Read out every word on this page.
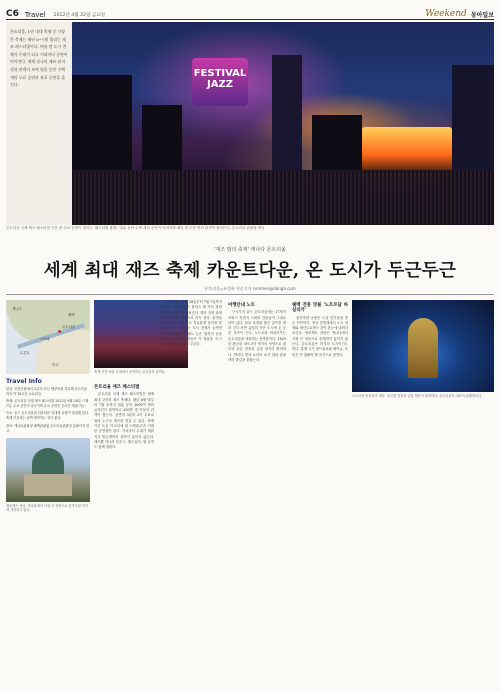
C6 Travel 2012년 4월 22일 금요일	Weekend 동아일보

몬트리올, 1년 내내 축제 중 가장 큰 축제는 매년 6~7월 열리는 재즈 페스티벌이다. 여름 밤 도시 전체가 무대가 되고 거리마다 공연이 이어진다. 세계 각국의 재즈 뮤지션과 관객이 모여 열흘 동안 수백 개의 무료 공연과 유료 공연을 즐긴다.

FESTIVAL JAZZ
몬트리올 국제 재즈 페스티벌 기간 중 무료 공연이 열리는 '페스티벌 광장'. 열흘 동안 수백 개의 공연이 이어지며 매일 밤 수만 명의 관객이 몰려든다. 몬트리올 관광청 제공
'재즈 밤의 축제' 캐나다 몬트리올
세계 최대 재즈 축제 카운트다운, 온 도시가 두근두근
몬트리올=조성하 전문기자 summer@donga.com
캐나다
몬트리올
퀘벡
오타와
토론토
미국
Travel Info

항공: 인천공항에서 토론토 또는 밴쿠버를 경유해 몬트리올까지 약 16시간 소요된다.

축제: 몬트리올 국제 재즈 페스티벌 2012년 6월 28일∼7월 7일. 무료 공연이 다수이며 유료 공연은 온라인 예매 가능.

숙소: 올드 몬트리올과 다운타운 일대에 호텔이 밀집해 있다. 축제 기간에는 일찍 예약하는 것이 좋다.

정보: 캐나다관광청 퀘벡관광청 몬트리올관광청 홈페이지 참고.

생조제프 성당. 캐나다에서 가장 큰 성당으로 몽루아얄 언덕에 자리하고 있다.
축제 기간 야외 무대에서 공연하는 뮤지션과 관객들.
몬트리올 재즈 페스티벌

몬트리올 국제 재즈 페스티벌은 세계 최대 규모의 재즈 축제다. 매년 6월 말부터 7월 초까지 열흘 동안 3000여 명의 뮤지션이 참여하고 200만 명 이상의 관객이 찾는다. 공연의 3분의 2가 무료로 열려 누구나 재즈를 즐길 수 있다. 축제 기간 도심 '카르티에 데 스펙타클'은 거대한 공연장이 된다. 거리마다 무대가 세워지고 밤늦게까지 음악이 끊이지 않는다. 재즈뿐 아니라 블루스, 월드뮤직, 팝 공연도 함께 열린다.

올해 축제는 6월 28일부터 7월 7일까지 열린다. 개막 공연은 플라스 데 자르 광장의 야외무대에서 펼쳐진다. 해가 지면 광장은 수만 명의 관객으로 가득 찬다. 관객들은 맥주 한 잔을 들고 자유롭게 음악을 즐긴다. 축제 기간에는 도시 전체가 들썩인다. 레스토랑과 카페도 늦은 밤까지 문을 연다. 몬트리올 시민들은 이 열흘을 '도시의 여름 생일'이라고 부른다.

여행안내 노트

구시가지 올드 몬트리올에는 17세기 프랑스 식민지 시대의 건물들이 그대로 남아 있다. 돌로 포장된 좁은 골목을 따라 걷다 보면 유럽의 작은 도시에 온 듯한 착각이 든다. 노트르담 바실리카는 몬트리올을 대표하는 건축물이다. 1829년 완공된 네오고딕 양식의 성당으로 내부의 푸른 천장과 금빛 장식이 화려하다. 밤마다 빛과 소리의 쇼가 열려 관광객의 발길을 붙잡는다.

퀘벡 전통 맛볼 '노트르담 바실리카'

몽루아얄 공원은 도심 한가운데 솟은 언덕이다. 정상 전망대에서 도시 전체와 세인트로렌스 강이 한눈에 내려다보인다. 생조제프 성당은 캐나다에서 가장 큰 성당으로 순례객이 끊이지 않는다. 몬트리올은 미식의 도시이기도 하다. 훈제 고기 샌드위치와 베이글, 푸틴은 꼭 맛봐야 할 음식으로 꼽힌다.

노트르담 바실리카 내부. 푸른빛 천장과 금빛 제단이 화려하다. 몬트리올의 대표적 관광명소다.
